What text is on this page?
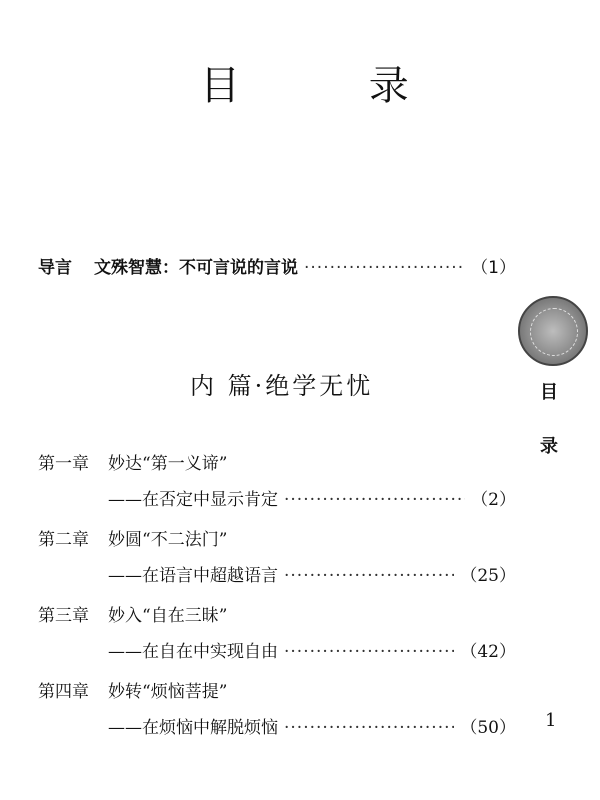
目 录
导言 文殊智慧：不可言说的言说 ·····	（1）
内 篇·绝学无忧
第一章 妙达“第一义谛”
——在否定中显示肯定 ·····	（2）
第二章 妙圆“不二法门”
——在语言中超越语言 ·····	（25）
第三章 妙入“自在三昧”
——在自在中实现自由 ·····	（42）
第四章 妙转“烦恼菩提”
——在烦恼中解脱烦恼 ·····	（50）
目
录
1
